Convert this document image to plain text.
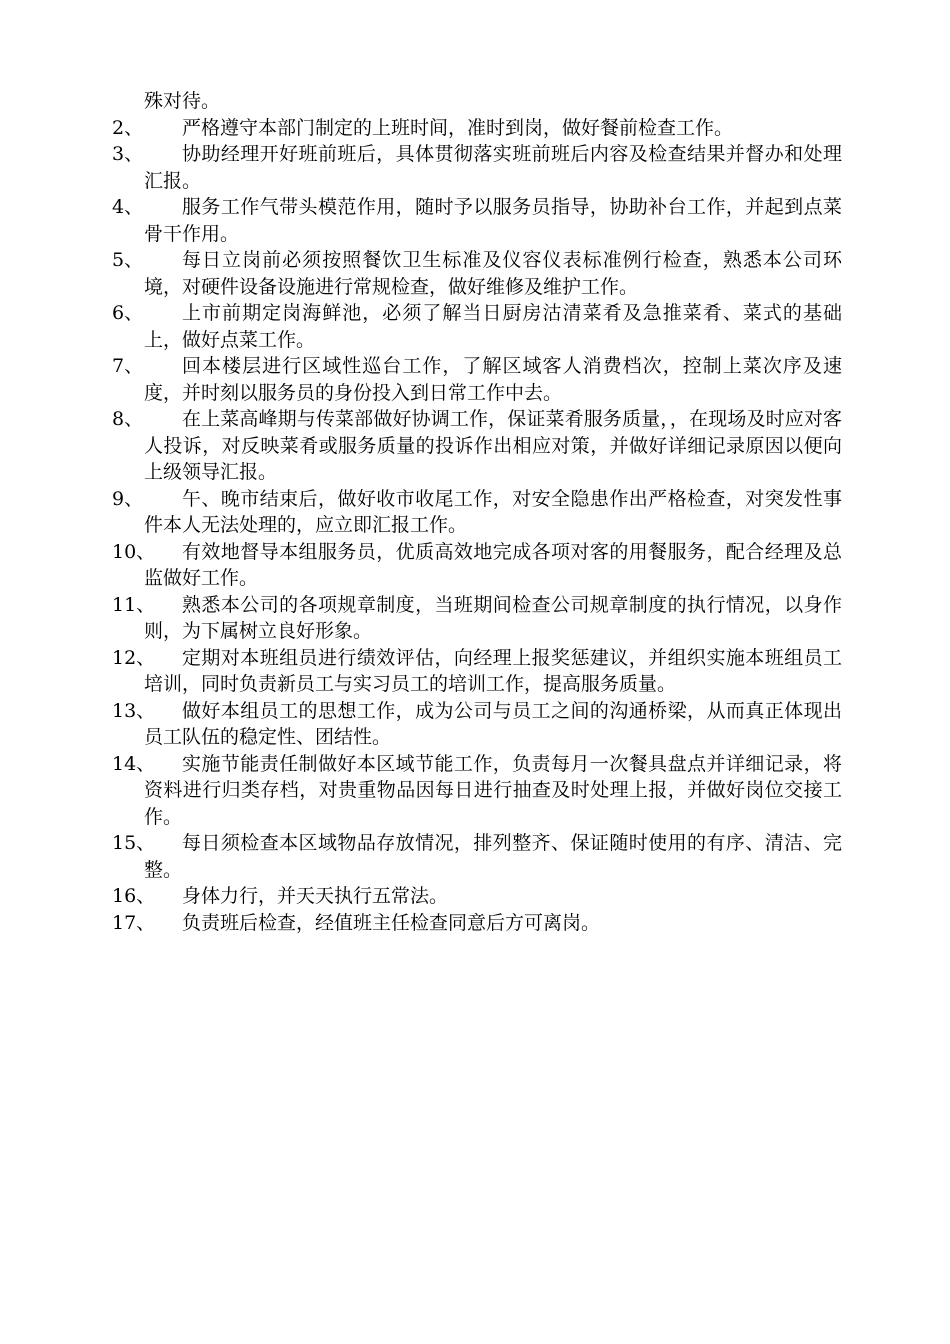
殊对待。
2、	严格遵守本部门制定的上班时间，准时到岗，做好餐前检查工作。
3、	协助经理开好班前班后，具体贯彻落实班前班后内容及检查结果并督办和处理汇报。
4、	服务工作气带头模范作用，随时予以服务员指导，协助补台工作，并起到点菜骨干作用。
5、	每日立岗前必须按照餐饮卫生标准及仪容仪表标准例行检查，熟悉本公司环境，对硬件设备设施进行常规检查，做好维修及维护工作。
6、	上市前期定岗海鲜池，必须了解当日厨房沽清菜肴及急推菜肴、菜式的基础上，做好点菜工作。
7、	回本楼层进行区域性巡台工作，了解区域客人消费档次，控制上菜次序及速度，并时刻以服务员的身份投入到日常工作中去。
8、	在上菜高峰期与传菜部做好协调工作，保证菜肴服务质量，，在现场及时应对客人投诉，对反映菜肴或服务质量的投诉作出相应对策，并做好详细记录原因以便向上级领导汇报。
9、	午、晚市结束后，做好收市收尾工作，对安全隐患作出严格检查，对突发性事件本人无法处理的，应立即汇报工作。
10、	有效地督导本组服务员，优质高效地完成各项对客的用餐服务，配合经理及总监做好工作。
11、	熟悉本公司的各项规章制度，当班期间检查公司规章制度的执行情况，以身作则，为下属树立良好形象。
12、	定期对本班组员进行绩效评估，向经理上报奖惩建议，并组织实施本班组员工培训，同时负责新员工与实习员工的培训工作，提高服务质量。
13、	做好本组员工的思想工作，成为公司与员工之间的沟通桥梁，从而真正体现出员工队伍的稳定性、团结性。
14、	实施节能责任制做好本区域节能工作，负责每月一次餐具盘点并详细记录，将资料进行归类存档，对贵重物品因每日进行抽查及时处理上报，并做好岗位交接工作。
15、	每日须检查本区域物品存放情况，排列整齐、保证随时使用的有序、清洁、完整。
16、	身体力行，并天天执行五常法。
17、	负责班后检查，经值班主任检查同意后方可离岗。
